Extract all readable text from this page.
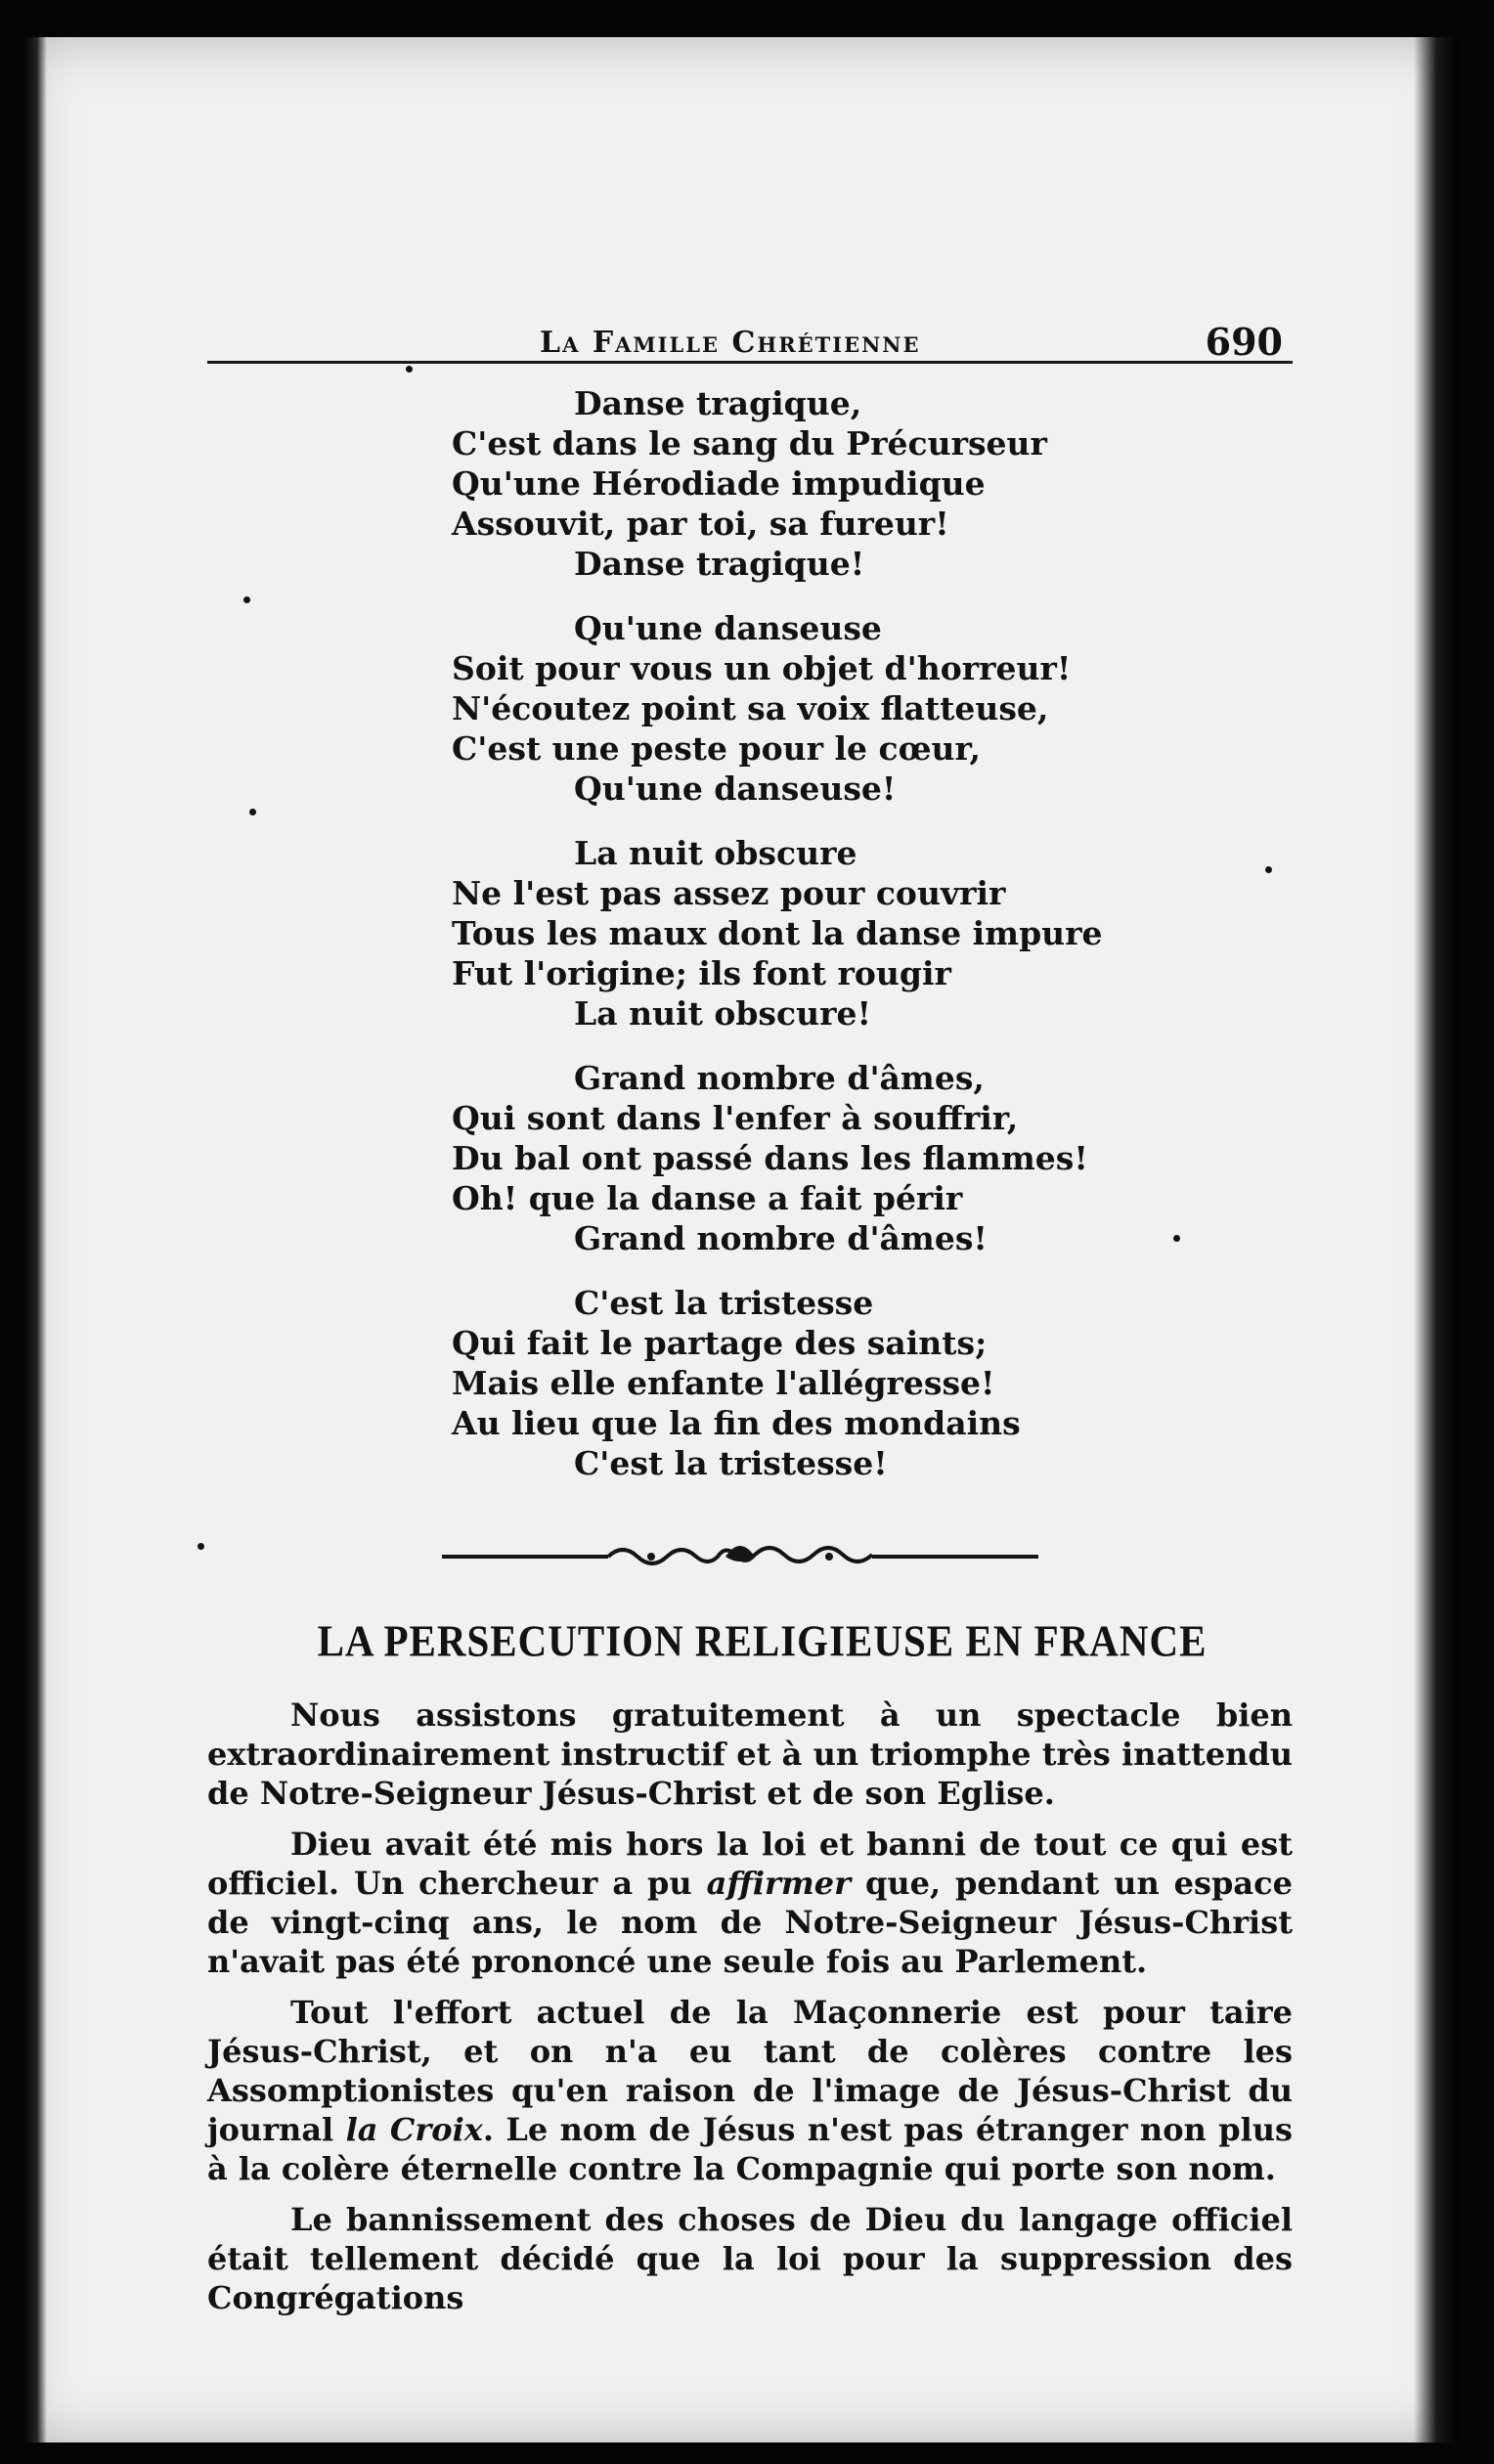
La Famille Chrétienne	690
Danse tragique,
C'est dans le sang du Précurseur
Qu'une Hérodiade impudique
Assouvit, par toi, sa fureur!
Danse tragique!
Qu'une danseuse
Soit pour vous un objet d'horreur!
N'écoutez point sa voix flatteuse,
C'est une peste pour le cœur,
Qu'une danseuse!
La nuit obscure
Ne l'est pas assez pour couvrir
Tous les maux dont la danse impure
Fut l'origine; ils font rougir
La nuit obscure!
Grand nombre d'âmes,
Qui sont dans l'enfer à souffrir,
Du bal ont passé dans les flammes!
Oh! que la danse a fait périr
Grand nombre d'âmes!
C'est la tristesse
Qui fait le partage des saints;
Mais elle enfante l'allégresse!
Au lieu que la fin des mondains
C'est la tristesse!
LA PERSECUTION RELIGIEUSE EN FRANCE

Nous assistons gratuitement à un spectacle bien extraordinairement instructif et à un triomphe très inattendu de Notre-Seigneur Jésus-Christ et de son Eglise.

Dieu avait été mis hors la loi et banni de tout ce qui est officiel. Un chercheur a pu affirmer que, pendant un espace de vingt-cinq ans, le nom de Notre-Seigneur Jésus-Christ n'avait pas été prononcé une seule fois au Parlement.

Tout l'effort actuel de la Maçonnerie est pour taire Jésus-Christ, et on n'a eu tant de colères contre les Assomptionistes qu'en raison de l'image de Jésus-Christ du journal la Croix. Le nom de Jésus n'est pas étranger non plus à la colère éternelle contre la Compagnie qui porte son nom.

Le bannissement des choses de Dieu du langage officiel était tellement décidé que la loi pour la suppression des Congrégations
